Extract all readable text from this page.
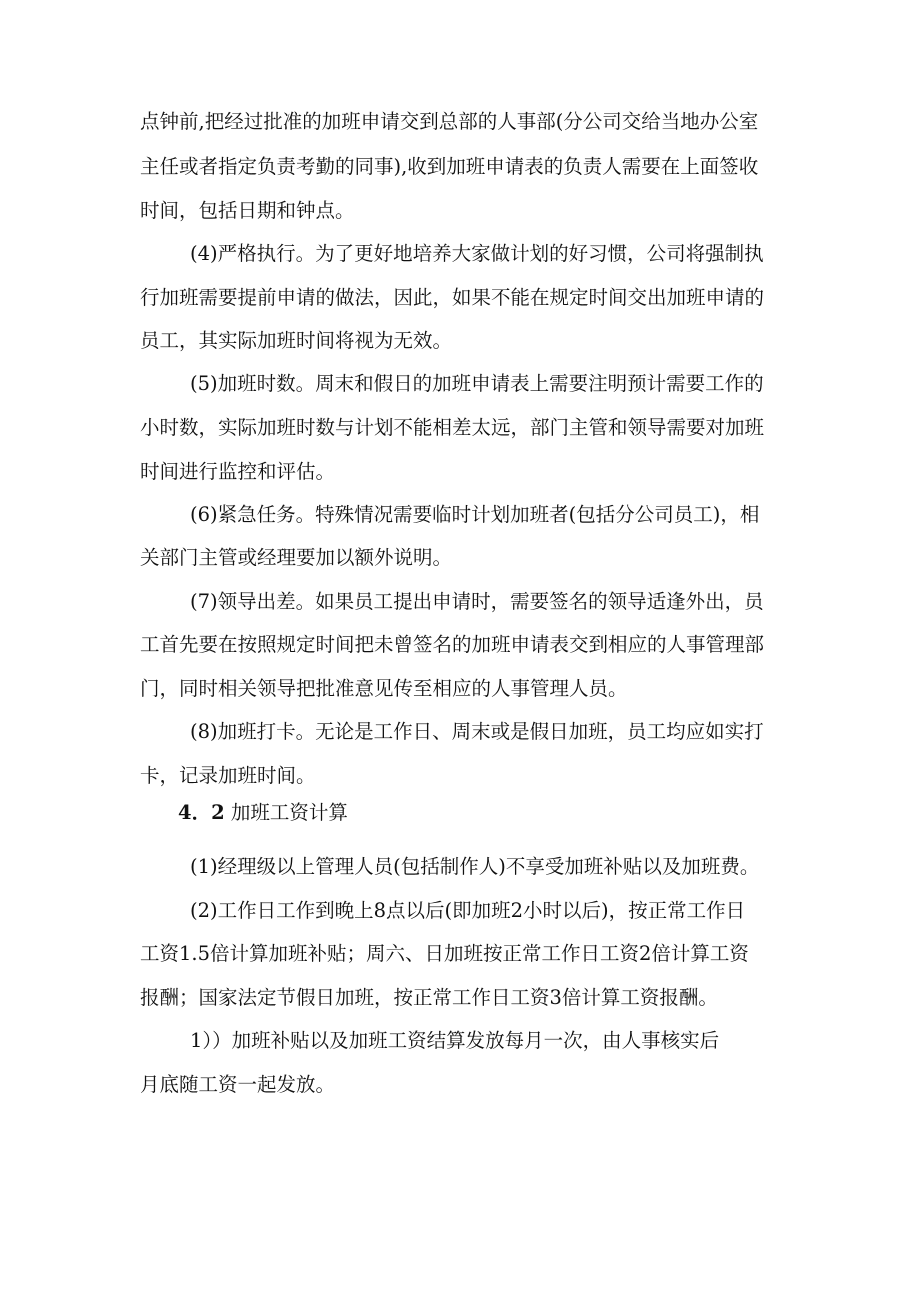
点钟前,把经过批准的加班申请交到总部的人事部(分公司交给当地办公室
主任或者指定负责考勤的同事),收到加班申请表的负责人需要在上面签收
时间，包括日期和钟点。
(4)严格执行。为了更好地培养大家做计划的好习惯，公司将强制执
行加班需要提前申请的做法，因此，如果不能在规定时间交出加班申请的
员工，其实际加班时间将视为无效。
(5)加班时数。周末和假日的加班申请表上需要注明预计需要工作的
小时数，实际加班时数与计划不能相差太远，部门主管和领导需要对加班
时间进行监控和评估。
(6)紧急任务。特殊情况需要临时计划加班者(包括分公司员工)，相
关部门主管或经理要加以额外说明。
(7)领导出差。如果员工提出申请时，需要签名的领导适逢外出，员
工首先要在按照规定时间把未曾签名的加班申请表交到相应的人事管理部
门，同时相关领导把批准意见传至相应的人事管理人员。
(8)加班打卡。无论是工作日、周末或是假日加班，员工均应如实打
卡，记录加班时间。
4．2 加班工资计算
(1)经理级以上管理人员(包括制作人)不享受加班补贴以及加班费。
(2)工作日工作到晚上8点以后(即加班2小时以后)，按正常工作日
工资1.5倍计算加班补贴；周六、日加班按正常工作日工资2倍计算工资
报酬；国家法定节假日加班，按正常工作日工资3倍计算工资报酬。
1））加班补贴以及加班工资结算发放每月一次，由人事核实后
月底随工资一起发放。
